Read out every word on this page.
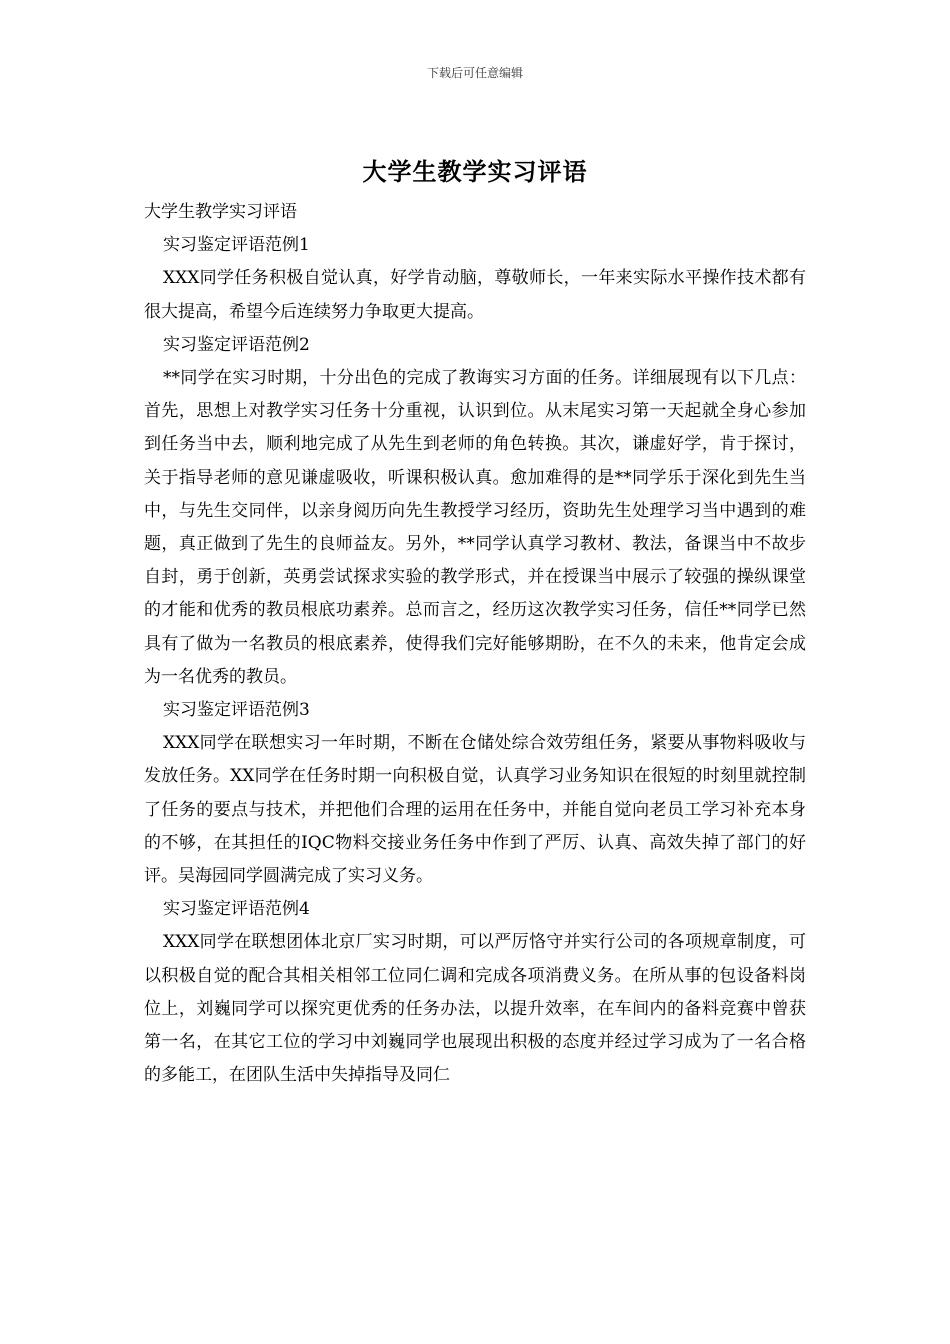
下载后可任意编辑
大学生教学实习评语

大学生教学实习评语

实习鉴定评语范例1

XXX同学任务积极自觉认真，好学肯动脑，尊敬师长，一年来实际水平操作技术都有很大提高，希望今后连续努力争取更大提高。

实习鉴定评语范例2

**同学在实习时期，十分出色的完成了教诲实习方面的任务。详细展现有以下几点：首先，思想上对教学实习任务十分重视，认识到位。从末尾实习第一天起就全身心参加到任务当中去，顺利地完成了从先生到老师的角色转换。其次，谦虚好学，肯于探讨，关于指导老师的意见谦虚吸收，听课积极认真。愈加难得的是**同学乐于深化到先生当中，与先生交同伴，以亲身阅历向先生教授学习经历，资助先生处理学习当中遇到的难题，真正做到了先生的良师益友。另外，**同学认真学习教材、教法，备课当中不故步自封，勇于创新，英勇尝试探求实验的教学形式，并在授课当中展示了较强的操纵课堂的才能和优秀的教员根底功素养。总而言之，经历这次教学实习任务，信任**同学已然具有了做为一名教员的根底素养，使得我们完好能够期盼，在不久的未来，他肯定会成为一名优秀的教员。

实习鉴定评语范例3

XXX同学在联想实习一年时期，不断在仓储处综合效劳组任务，紧要从事物料吸收与发放任务。XX同学在任务时期一向积极自觉，认真学习业务知识在很短的时刻里就控制 了任务的要点与技术，并把他们合理的运用在任务中，并能自觉向老员工学习补充本身的不够，在其担任的IQC物料交接业务任务中作到了严厉、认真、高效失掉了部门的好评。吴海园同学圆满完成了实习义务。

实习鉴定评语范例4

XXX同学在联想团体北京厂实习时期，可以严厉恪守并实行公司的各项规章制度，可以积极自觉的配合其相关相邻工位同仁调和完成各项消费义务。在所从事的包设备料岗位上，刘巍同学可以探究更优秀的任务办法，以提升效率，在车间内的备料竞赛中曾获第一名，在其它工位的学习中刘巍同学也展现出积极的态度并经过学习成为了一名合格的多能工，在团队生活中失掉指导及同仁
